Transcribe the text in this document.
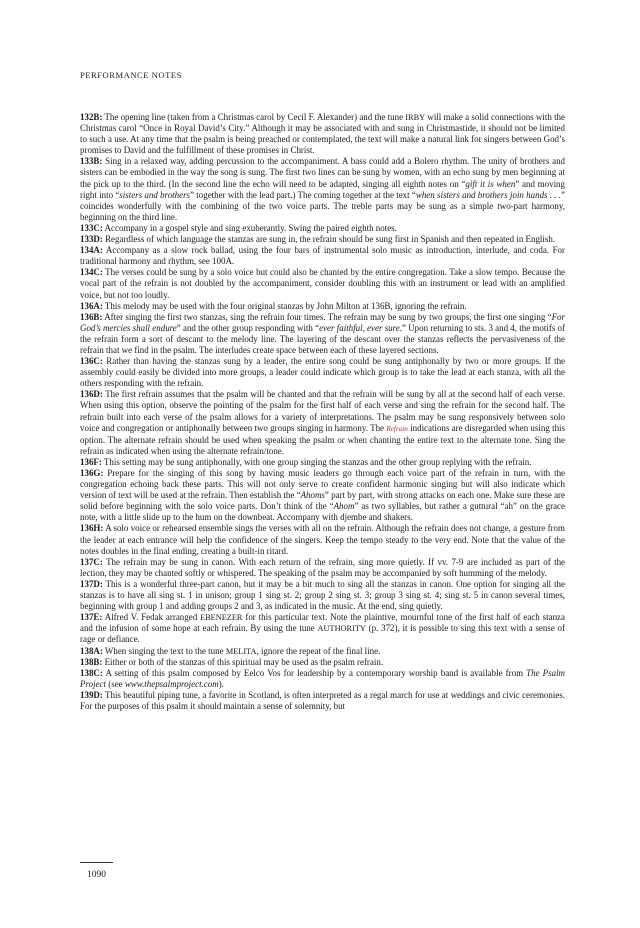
PERFORMANCE NOTES

132B: The opening line (taken from a Christmas carol by Cecil F. Alexander) and the tune IRBY will make a solid connections with the Christmas carol “Once in Royal David’s City.” Although it may be associated with and sung in Christmastide, it should not be limited to such a use. At any time that the psalm is being preached or contemplated, the text will make a natural link for singers between God’s promises to David and the fulfillment of these promises in Christ.

133B: Sing in a relaxed way, adding percussion to the accompaniment. A bass could add a Bolero rhythm. The unity of brothers and sisters can be embodied in the way the song is sung. The first two lines can be sung by women, with an echo sung by men beginning at the pick up to the third. (In the second line the echo will need to be adapted, singing all eighth notes on “gift it is when” and moving right into “sisters and brothers” together with the lead part.) The coming together at the text “when sisters and brothers join hands . . .” coincides wonderfully with the combining of the two voice parts. The treble parts may be sung as a simple two-part harmony, beginning on the third line.

133C: Accompany in a gospel style and sing exuberantly. Swing the paired eighth notes.

133D: Regardless of which language the stanzas are sung in, the refrain should be sung first in Spanish and then repeated in English.

134A: Accompany as a slow rock ballad, using the four bars of instrumental solo music as introduction, interlude, and coda. For traditional harmony and rhythm, see 100A.

134C: The verses could be sung by a solo voice but could also be chanted by the entire congregation. Take a slow tempo. Because the vocal part of the refrain is not doubled by the accompaniment, consider doubling this with an instrument or lead with an amplified voice, but not too loudly.

136A: This melody may be used with the four original stanzas by John Milton at 136B, ignoring the refrain.

136B: After singing the first two stanzas, sing the refrain four times. The refrain may be sung by two groups, the first one singing “For God’s mercies shall endure” and the other group responding with “ever faithful, ever sure.” Upon returning to sts. 3 and 4, the motifs of the refrain form a sort of descant to the melody line. The layering of the descant over the stanzas reflects the pervasiveness of the refrain that we find in the psalm. The interludes create space between each of these layered sections.

136C: Rather than having the stanzas sung by a leader, the entire song could be sung antiphonally by two or more groups. If the assembly could easily be divided into more groups, a leader could indicate which group is to take the lead at each stanza, with all the others responding with the refrain.

136D: The first refrain assumes that the psalm will be chanted and that the refrain will be sung by all at the second half of each verse. When using this option, observe the pointing of the psalm for the first half of each verse and sing the refrain for the second half. The refrain built into each verse of the psalm allows for a variety of interpretations. The psalm may be sung responsively between solo voice and congregation or antiphonally between two groups singing in harmony. The Refrain indications are disregarded when using this option. The alternate refrain should be used when speaking the psalm or when chanting the entire text to the alternate tone. Sing the refrain as indicated when using the alternate refrain/tone.

136F: This setting may be sung antiphonally, with one group singing the stanzas and the other group replying with the refrain.

136G: Prepare for the singing of this song by having music leaders go through each voice part of the refrain in turn, with the congregation echoing back these parts. This will not only serve to create confident harmonic singing but will also indicate which version of text will be used at the refrain. Then establish the “Ahoms” part by part, with strong attacks on each one. Make sure these are solid before beginning with the solo voice parts. Don’t think of the “Ahom” as two syllables, but rather a guttural “ah” on the grace note, with a little slide up to the hum on the downbeat. Accompany with djembe and shakers.

136H: A solo voice or rehearsed ensemble sings the verses with all on the refrain. Although the refrain does not change, a gesture from the leader at each entrance will help the confidence of the singers. Keep the tempo steady to the very end. Note that the value of the notes doubles in the final ending, creating a built-in ritard.

137C: The refrain may be sung in canon. With each return of the refrain, sing more quietly. If vv. 7-9 are included as part of the lection, they may be chanted softly or whispered. The speaking of the psalm may be accompanied by soft humming of the melody.

137D: This is a wonderful three-part canon, but it may be a bit much to sing all the stanzas in canon. One option for singing all the stanzas is to have all sing st. 1 in unison; group 1 sing st. 2; group 2 sing st. 3; group 3 sing st. 4; sing st. 5 in canon several times, beginning with group 1 and adding groups 2 and 3, as indicated in the music. At the end, sing quietly.

137E: Alfred V. Fedak arranged EBENEZER for this particular text. Note the plaintive, mournful tone of the first half of each stanza and the infusion of some hope at each refrain. By using the tune AUTHORITY (p. 372), it is possible to sing this text with a sense of rage or defiance.

138A: When singing the text to the tune MELITA, ignore the repeat of the final line.

138B: Either or both of the stanzas of this spiritual may be used as the psalm refrain.

138C: A setting of this psalm composed by Eelco Vos for leadership by a contemporary worship band is available from The Psalm Project (see www.thepsalmproject.com).

139D: This beautiful piping tune, a favorite in Scotland, is often interpreted as a regal march for use at weddings and civic ceremonies. For the purposes of this psalm it should maintain a sense of solemnity, but

1090
